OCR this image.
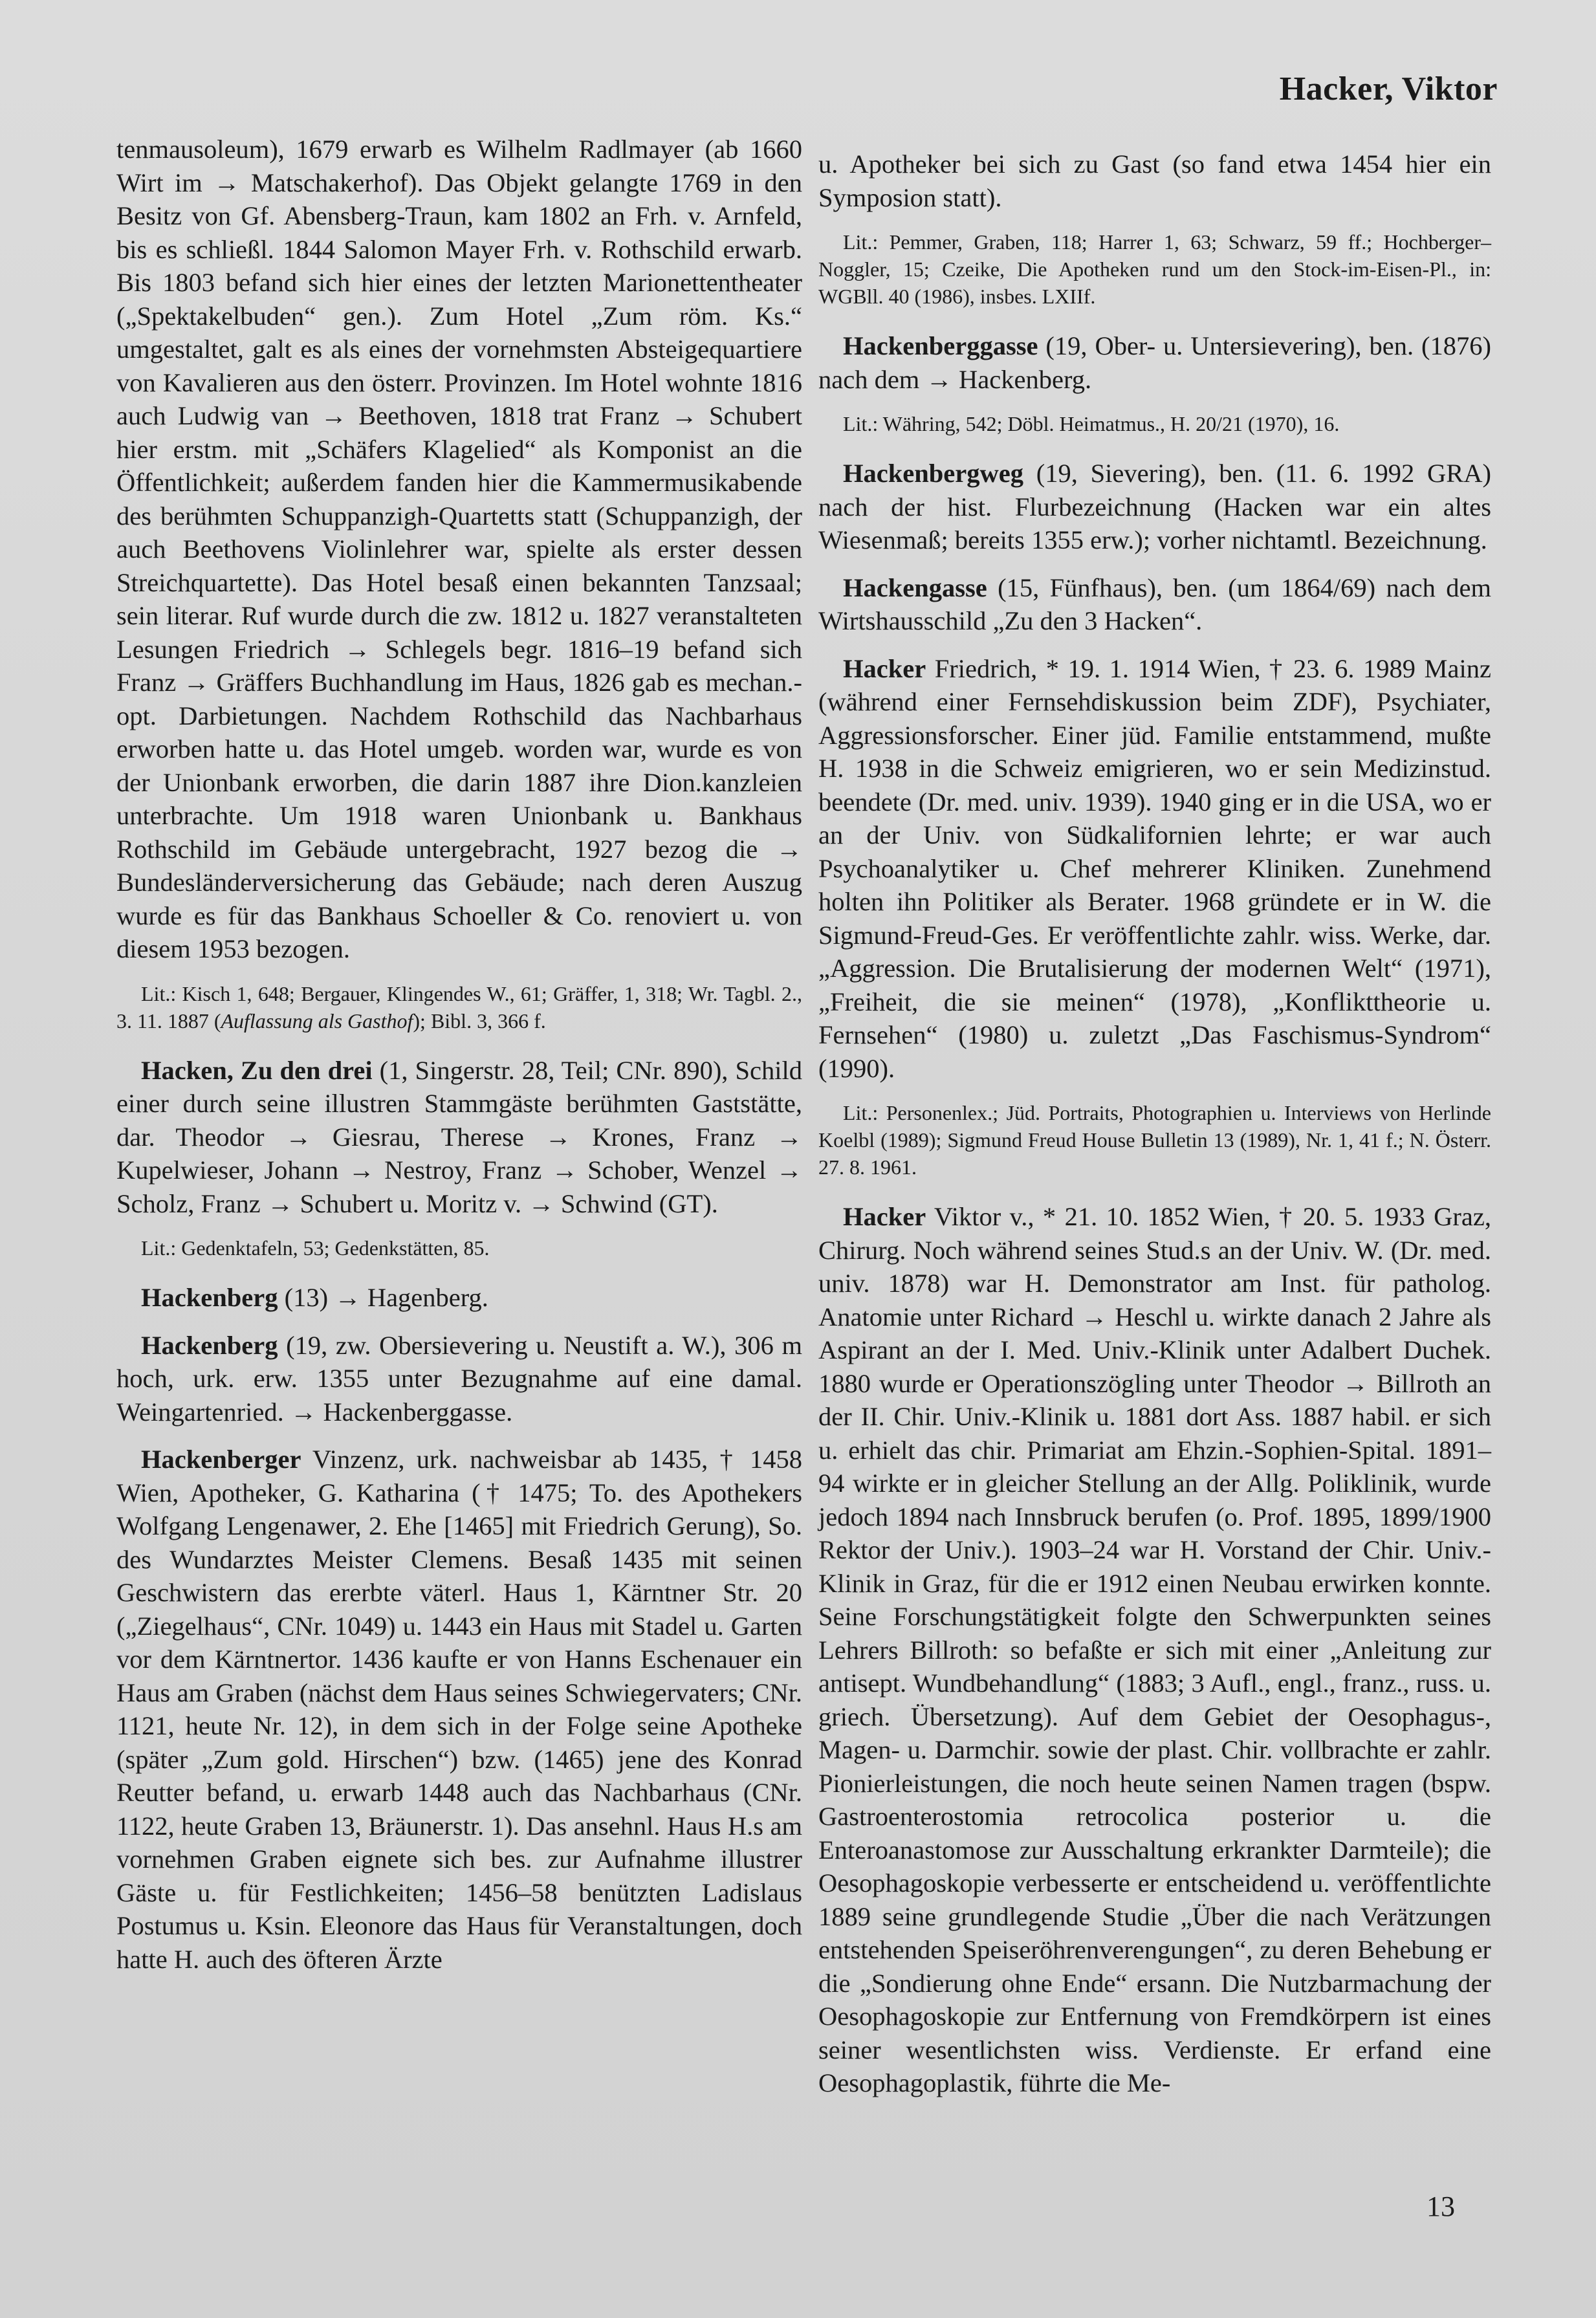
Hacker, Viktor

tenmausoleum), 1679 erwarb es Wilhelm Radlmayer (ab 1660 Wirt im → Matschakerhof). Das Objekt gelangte 1769 in den Besitz von Gf. Abensberg-Traun, kam 1802 an Frh. v. Arnfeld, bis es schließl. 1844 Salomon Mayer Frh. v. Rothschild erwarb. Bis 1803 befand sich hier eines der letzten Marionettentheater („Spektakelbuden“ gen.). Zum Hotel „Zum röm. Ks.“ umgestaltet, galt es als eines der vornehmsten Absteigequartiere von Kavalieren aus den österr. Provinzen. Im Hotel wohnte 1816 auch Ludwig van → Beethoven, 1818 trat Franz → Schubert hier erstm. mit „Schäfers Klagelied“ als Komponist an die Öffentlichkeit; außerdem fanden hier die Kammermusikabende des berühmten Schuppanzigh-Quartetts statt (Schuppanzigh, der auch Beethovens Violinlehrer war, spielte als erster dessen Streichquartette). Das Hotel besaß einen bekannten Tanzsaal; sein literar. Ruf wurde durch die zw. 1812 u. 1827 veranstalteten Lesungen Friedrich → Schlegels begr. 1816–19 befand sich Franz → Gräffers Buchhandlung im Haus, 1826 gab es mechan.-opt. Darbietungen. Nachdem Rothschild das Nachbarhaus erworben hatte u. das Hotel umgeb. worden war, wurde es von der Unionbank erworben, die darin 1887 ihre Dion.kanzleien unterbrachte. Um 1918 waren Unionbank u. Bankhaus Rothschild im Gebäude untergebracht, 1927 bezog die → Bundesländerversicherung das Gebäude; nach deren Auszug wurde es für das Bankhaus Schoeller & Co. renoviert u. von diesem 1953 bezogen.

Lit.: Kisch 1, 648; Bergauer, Klingendes W., 61; Gräffer, 1, 318; Wr. Tagbl. 2., 3. 11. 1887 (Auflassung als Gasthof); Bibl. 3, 366 f.

Hacken, Zu den drei (1, Singerstr. 28, Teil; CNr. 890), Schild einer durch seine illustren Stammgäste berühmten Gaststätte, dar. Theodor → Giesrau, Therese → Krones, Franz → Kupelwieser, Johann → Nestroy, Franz → Schober, Wenzel → Scholz, Franz → Schubert u. Moritz v. → Schwind (GT).

Lit.: Gedenktafeln, 53; Gedenkstätten, 85.

Hackenberg (13) → Hagenberg.

Hackenberg (19, zw. Obersievering u. Neustift a. W.), 306 m hoch, urk. erw. 1355 unter Bezugnahme auf eine damal. Weingartenried. → Hackenberggasse.

Hackenberger Vinzenz, urk. nachweisbar ab 1435, † 1458 Wien, Apotheker, G. Katharina († 1475; To. des Apothekers Wolfgang Lengenawer, 2. Ehe [1465] mit Friedrich Gerung), So. des Wundarztes Meister Clemens. Besaß 1435 mit seinen Geschwistern das ererbte väterl. Haus 1, Kärntner Str. 20 („Ziegelhaus“, CNr. 1049) u. 1443 ein Haus mit Stadel u. Garten vor dem Kärntnertor. 1436 kaufte er von Hanns Eschenauer ein Haus am Graben (nächst dem Haus seines Schwiegervaters; CNr. 1121, heute Nr. 12), in dem sich in der Folge seine Apotheke (später „Zum gold. Hirschen“) bzw. (1465) jene des Konrad Reutter befand, u. erwarb 1448 auch das Nachbarhaus (CNr. 1122, heute Graben 13, Bräunerstr. 1). Das ansehnl. Haus H.s am vornehmen Graben eignete sich bes. zur Aufnahme illustrer Gäste u. für Festlichkeiten; 1456–58 benützten Ladislaus Postumus u. Ksin. Eleonore das Haus für Veranstaltungen, doch hatte H. auch des öfteren Ärzte

u. Apotheker bei sich zu Gast (so fand etwa 1454 hier ein Symposion statt).

Lit.: Pemmer, Graben, 118; Harrer 1, 63; Schwarz, 59 ff.; Hochberger–Noggler, 15; Czeike, Die Apotheken rund um den Stock-im-Eisen-Pl., in: WGBll. 40 (1986), insbes. LXIIf.

Hackenberggasse (19, Ober- u. Untersievering), ben. (1876) nach dem → Hackenberg.

Lit.: Währing, 542; Döbl. Heimatmus., H. 20/21 (1970), 16.

Hackenbergweg (19, Sievering), ben. (11. 6. 1992 GRA) nach der hist. Flurbezeichnung (Hacken war ein altes Wiesenmaß; bereits 1355 erw.); vorher nichtamtl. Bezeichnung.

Hackengasse (15, Fünfhaus), ben. (um 1864/69) nach dem Wirtshausschild „Zu den 3 Hacken“.

Hacker Friedrich, * 19. 1. 1914 Wien, † 23. 6. 1989 Mainz (während einer Fernsehdiskussion beim ZDF), Psychiater, Aggressionsforscher. Einer jüd. Familie entstammend, mußte H. 1938 in die Schweiz emigrieren, wo er sein Medizinstud. beendete (Dr. med. univ. 1939). 1940 ging er in die USA, wo er an der Univ. von Südkalifornien lehrte; er war auch Psychoanalytiker u. Chef mehrerer Kliniken. Zunehmend holten ihn Politiker als Berater. 1968 gründete er in W. die Sigmund-Freud-Ges. Er veröffentlichte zahlr. wiss. Werke, dar. „Aggression. Die Brutalisierung der modernen Welt“ (1971), „Freiheit, die sie meinen“ (1978), „Konflikttheorie u. Fernsehen“ (1980) u. zuletzt „Das Faschismus-Syndrom“ (1990).

Lit.: Personenlex.; Jüd. Portraits, Photographien u. Interviews von Herlinde Koelbl (1989); Sigmund Freud House Bulletin 13 (1989), Nr. 1, 41 f.; N. Österr. 27. 8. 1961.

Hacker Viktor v., * 21. 10. 1852 Wien, † 20. 5. 1933 Graz, Chirurg. Noch während seines Stud.s an der Univ. W. (Dr. med. univ. 1878) war H. Demonstrator am Inst. für patholog. Anatomie unter Richard → Heschl u. wirkte danach 2 Jahre als Aspirant an der I. Med. Univ.-Klinik unter Adalbert Duchek. 1880 wurde er Operationszögling unter Theodor → Billroth an der II. Chir. Univ.-Klinik u. 1881 dort Ass. 1887 habil. er sich u. erhielt das chir. Primariat am Ehzin.-Sophien-Spital. 1891–94 wirkte er in gleicher Stellung an der Allg. Poliklinik, wurde jedoch 1894 nach Innsbruck berufen (o. Prof. 1895, 1899/1900 Rektor der Univ.). 1903–24 war H. Vorstand der Chir. Univ.-Klinik in Graz, für die er 1912 einen Neubau erwirken konnte. Seine Forschungstätigkeit folgte den Schwerpunkten seines Lehrers Billroth: so befaßte er sich mit einer „Anleitung zur antisept. Wundbehandlung“ (1883; 3 Aufl., engl., franz., russ. u. griech. Übersetzung). Auf dem Gebiet der Oesophagus-, Magen- u. Darmchir. sowie der plast. Chir. vollbrachte er zahlr. Pionierleistungen, die noch heute seinen Namen tragen (bspw. Gastroenterostomia retrocolica posterior u. die Enteroanastomose zur Ausschaltung erkrankter Darmteile); die Oesophagoskopie verbesserte er entscheidend u. veröffentlichte 1889 seine grundlegende Studie „Über die nach Verätzungen entstehenden Speiseröhrenverengungen“, zu deren Behebung er die „Sondierung ohne Ende“ ersann. Die Nutzbarmachung der Oesophagoskopie zur Entfernung von Fremdkörpern ist eines seiner wesentlichsten wiss. Verdienste. Er erfand eine Oesophagoplastik, führte die Me-

13
